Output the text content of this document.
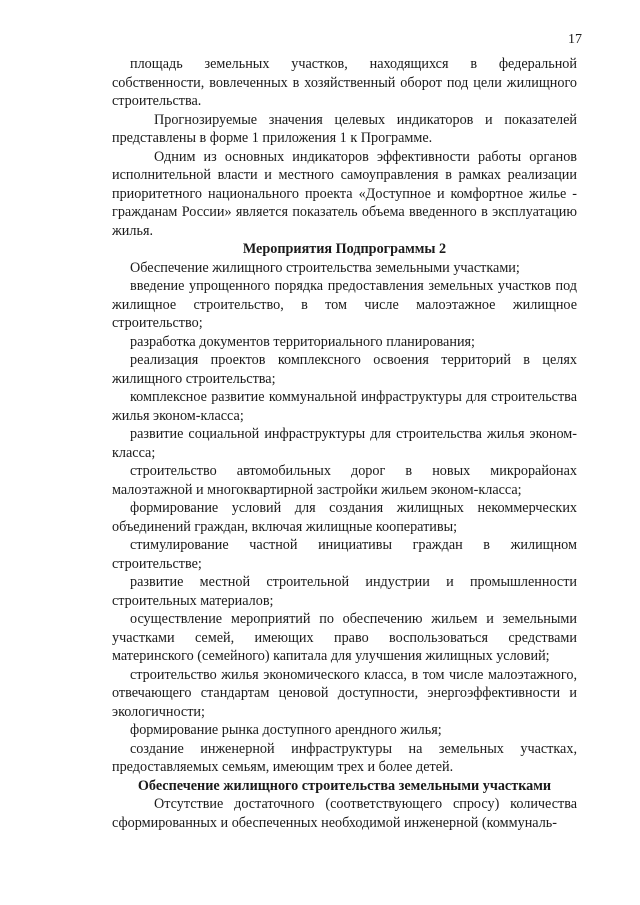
17

площадь земельных участков, находящихся в федеральной собственности, вовлеченных в хозяйственный оборот под цели жилищного строительства.

Прогнозируемые значения целевых индикаторов и показателей представлены в форме 1 приложения 1 к Программе.

Одним из основных индикаторов эффективности работы органов исполнительной власти и местного самоуправления в рамках реализации приоритетного национального проекта «Доступное и комфортное жилье - гражданам России» является показатель объема введенного в эксплуатацию жилья.

Мероприятия Подпрограммы 2

Обеспечение жилищного строительства земельными участками;

введение упрощенного порядка предоставления земельных участков под жилищное строительство, в том числе малоэтажное жилищное строительство;

разработка документов территориального планирования;

реализация проектов комплексного освоения территорий в целях жилищного строительства;

комплексное развитие коммунальной инфраструктуры для строительства жилья эконом-класса;

развитие социальной инфраструктуры для строительства жилья эконом-класса;

строительство автомобильных дорог в новых микрорайонах малоэтажной и многоквартирной застройки жильем эконом-класса;

формирование условий для создания жилищных некоммерческих объединений граждан, включая жилищные кооперативы;

стимулирование частной инициативы граждан в жилищном строительстве;

развитие местной строительной индустрии и промышленности строительных материалов;

осуществление мероприятий по обеспечению жильем и земельными участками семей, имеющих право воспользоваться средствами материнского (семейного) капитала для улучшения жилищных условий;

строительство жилья экономического класса, в том числе малоэтажного, отвечающего стандартам ценовой доступности, энергоэффективности и экологичности;

формирование рынка доступного арендного жилья;

создание инженерной инфраструктуры на земельных участках, предоставляемых семьям, имеющим трех и более детей.

Обеспечение жилищного строительства земельными участками

Отсутствие достаточного (соответствующего спросу) количества сформированных и обеспеченных необходимой инженерной (коммуналь-
